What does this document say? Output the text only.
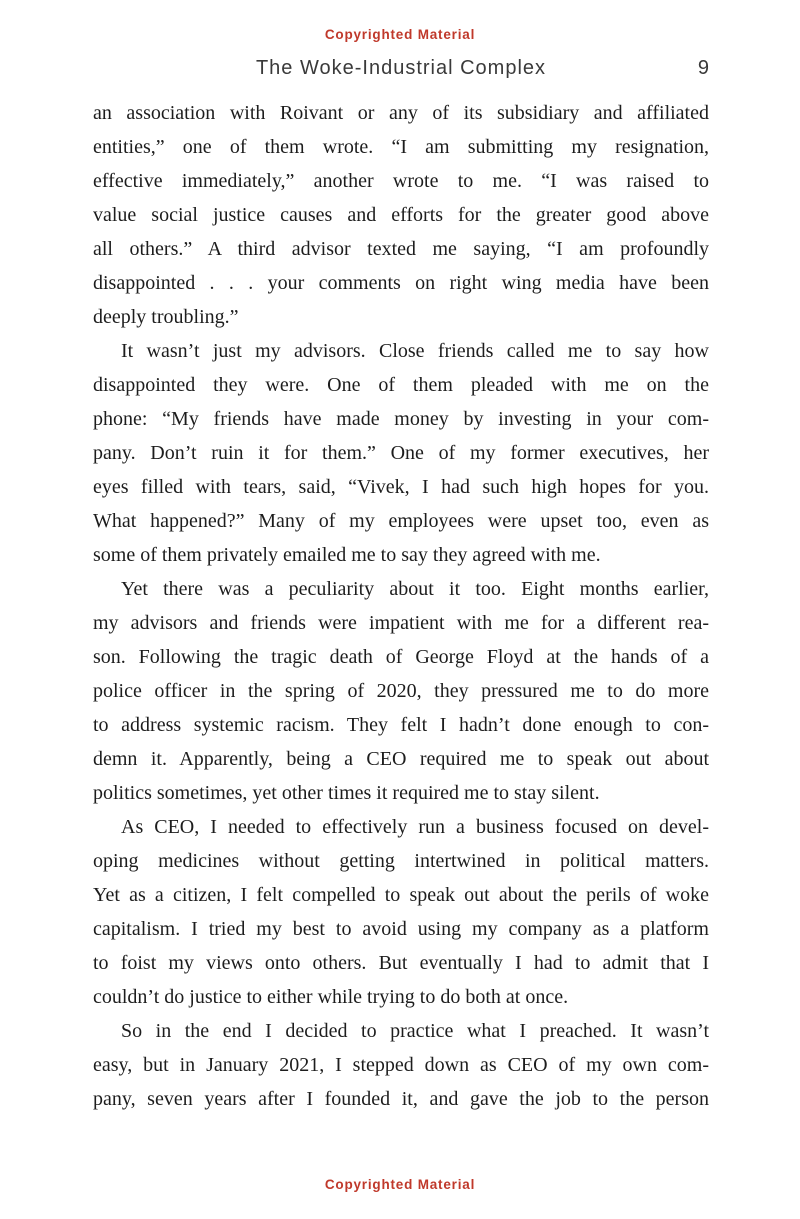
Copyrighted Material
The Woke-Industrial Complex	9
an association with Roivant or any of its subsidiary and affiliated
entities,” one of them wrote. “I am submitting my resignation,
effective immediately,” another wrote to me. “I was raised to
value social justice causes and efforts for the greater good above
all others.” A third advisor texted me saying, “I am profoundly
disappointed . . . your comments on right wing media have been
deeply troubling.”
It wasn’t just my advisors. Close friends called me to say how
disappointed they were. One of them pleaded with me on the
phone: “My friends have made money by investing in your com-
pany. Don’t ruin it for them.” One of my former executives, her
eyes filled with tears, said, “Vivek, I had such high hopes for you.
What happened?” Many of my employees were upset too, even as
some of them privately emailed me to say they agreed with me.
Yet there was a peculiarity about it too. Eight months earlier,
my advisors and friends were impatient with me for a different rea-
son. Following the tragic death of George Floyd at the hands of a
police officer in the spring of 2020, they pressured me to do more
to address systemic racism. They felt I hadn’t done enough to con-
demn it. Apparently, being a CEO required me to speak out about
politics sometimes, yet other times it required me to stay silent.
As CEO, I needed to effectively run a business focused on devel-
oping medicines without getting intertwined in political matters.
Yet as a citizen, I felt compelled to speak out about the perils of woke
capitalism. I tried my best to avoid using my company as a platform
to foist my views onto others. But eventually I had to admit that I
couldn’t do justice to either while trying to do both at once.
So in the end I decided to practice what I preached. It wasn’t
easy, but in January 2021, I stepped down as CEO of my own com-
pany, seven years after I founded it, and gave the job to the person
Copyrighted Material
